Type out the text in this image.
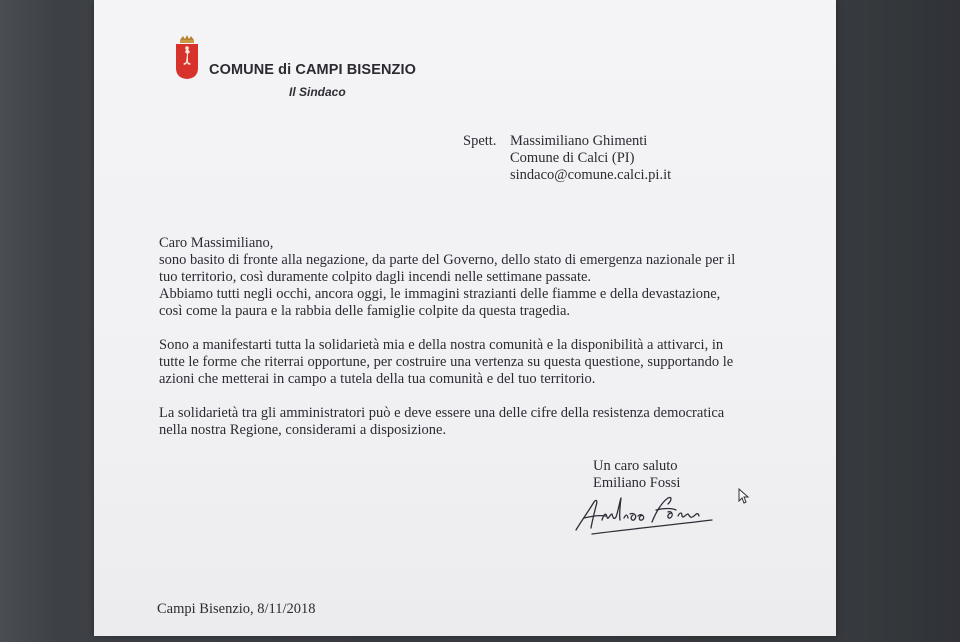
COMUNE di CAMPI BISENZIO
Il Sindaco
Spett. Massimiliano Ghimenti
Comune di Calci (PI)
sindaco@comune.calci.pi.it

Caro Massimiliano,

sono basito di fronte alla negazione, da parte del Governo, dello stato di emergenza nazionale per il

tuo territorio, così duramente colpito dagli incendi nelle settimane passate.

Abbiamo tutti negli occhi, ancora oggi, le immagini strazianti delle fiamme e della devastazione,

così come la paura e la rabbia delle famiglie colpite da questa tragedia.

Sono a manifestarti tutta la solidarietà mia e della nostra comunità e la disponibilità a attivarci, in

tutte le forme che riterrai opportune, per costruire una vertenza su questa questione, supportando le

azioni che metterai in campo a tutela della tua comunità e del tuo territorio.

La solidarietà tra gli amministratori può e deve essere una delle cifre della resistenza democratica

nella nostra Regione, considerami a disposizione.

Un caro saluto
Emiliano Fossi
Campi Bisenzio, 8/11/2018
